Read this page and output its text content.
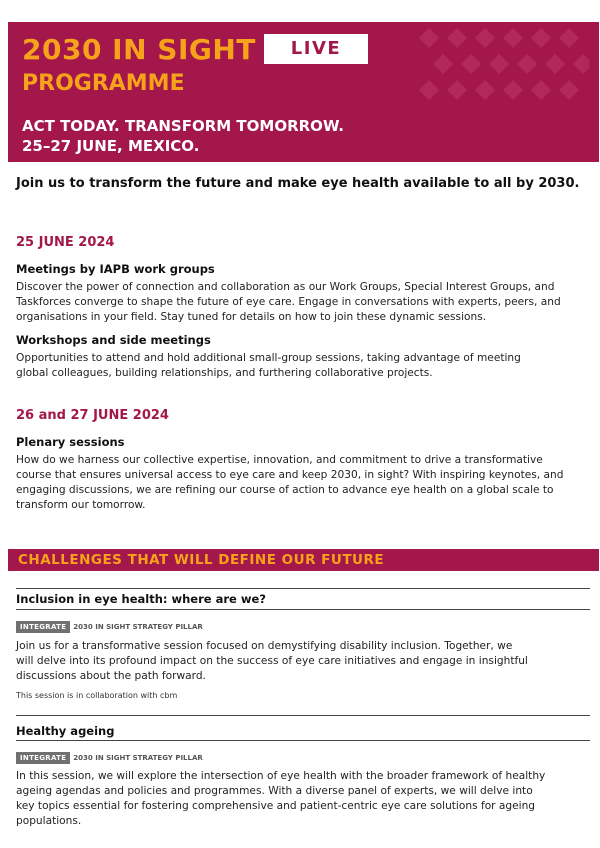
2030 IN SIGHT	LIVE
PROGRAMME
ACT TODAY. TRANSFORM TOMORROW.
25–27 JUNE, MEXICO.
Join us to transform the future and make eye health available to all by 2030.
25 JUNE 2024
Meetings by IAPB work groups
Discover the power of connection and collaboration as our Work Groups, Special Interest Groups, and
Taskforces converge to shape the future of eye care. Engage in conversations with experts, peers, and
organisations in your field. Stay tuned for details on how to join these dynamic sessions.
Workshops and side meetings
Opportunities to attend and hold additional small-group sessions, taking advantage of meeting
global colleagues, building relationships, and furthering collaborative projects.
26 and 27 JUNE 2024
Plenary sessions
How do we harness our collective expertise, innovation, and commitment to drive a transformative
course that ensures universal access to eye care and keep 2030, in sight? With inspiring keynotes, and
engaging discussions, we are refining our course of action to advance eye health on a global scale to
transform our tomorrow.
CHALLENGES THAT WILL DEFINE OUR FUTURE
Inclusion in eye health: where are we?
INTEGRATE 2030 IN SIGHT STRATEGY PILLAR
Join us for a transformative session focused on demystifying disability inclusion. Together, we
will delve into its profound impact on the success of eye care initiatives and engage in insightful
discussions about the path forward.
This session is in collaboration with cbm
Healthy ageing
INTEGRATE 2030 IN SIGHT STRATEGY PILLAR
In this session, we will explore the intersection of eye health with the broader framework of healthy
ageing agendas and policies and programmes. With a diverse panel of experts, we will delve into
key topics essential for fostering comprehensive and patient-centric eye care solutions for ageing
populations.
